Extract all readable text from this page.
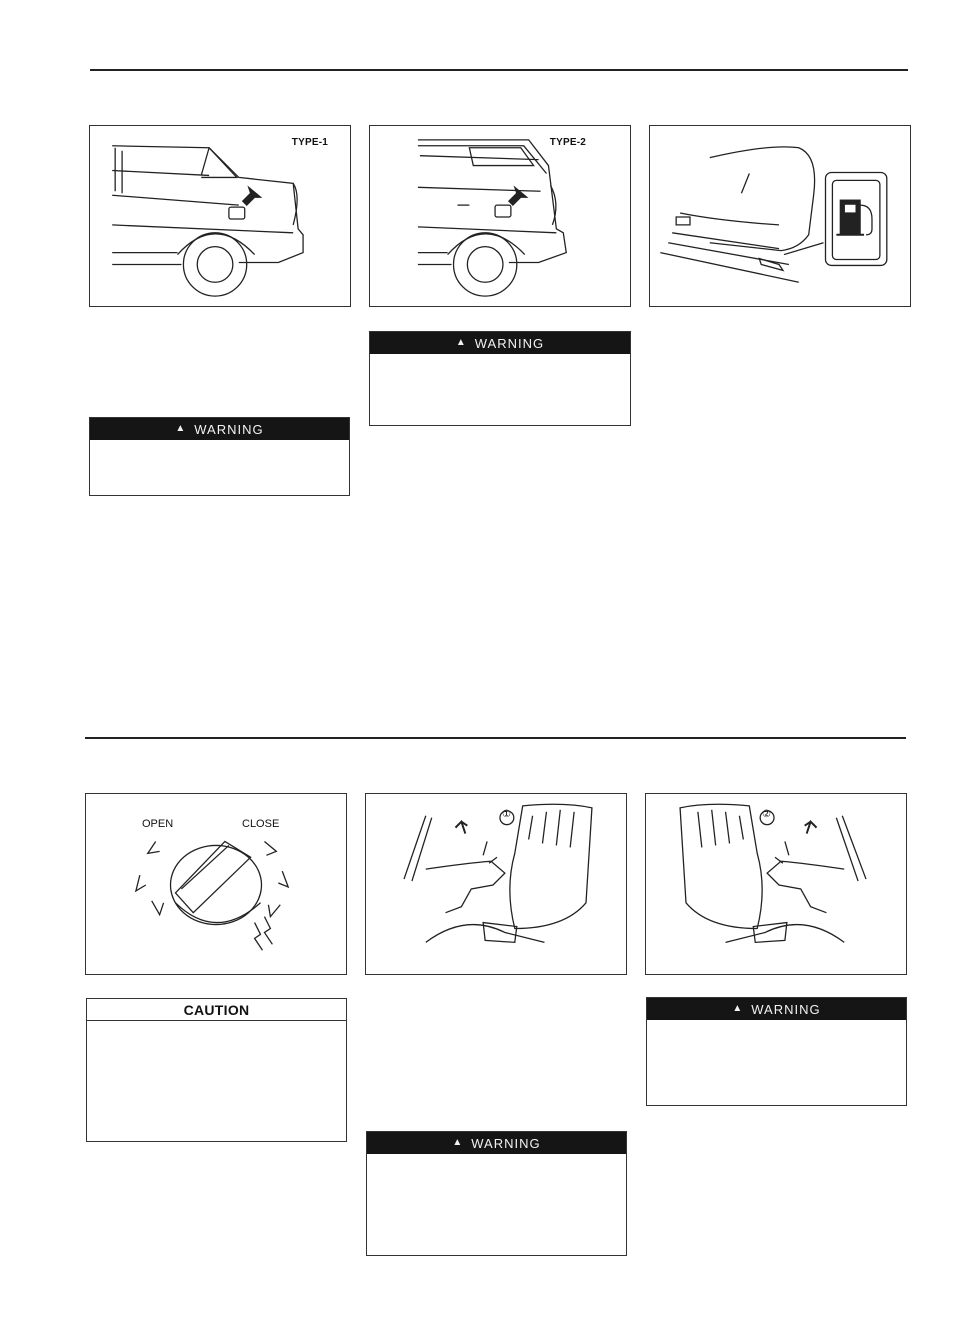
TYPE-1	TYPE-2
▲ WARNING
▲ WARNING
OPEN	CLOSE
①	②
CAUTION
▲ WARNING
▲ WARNING
